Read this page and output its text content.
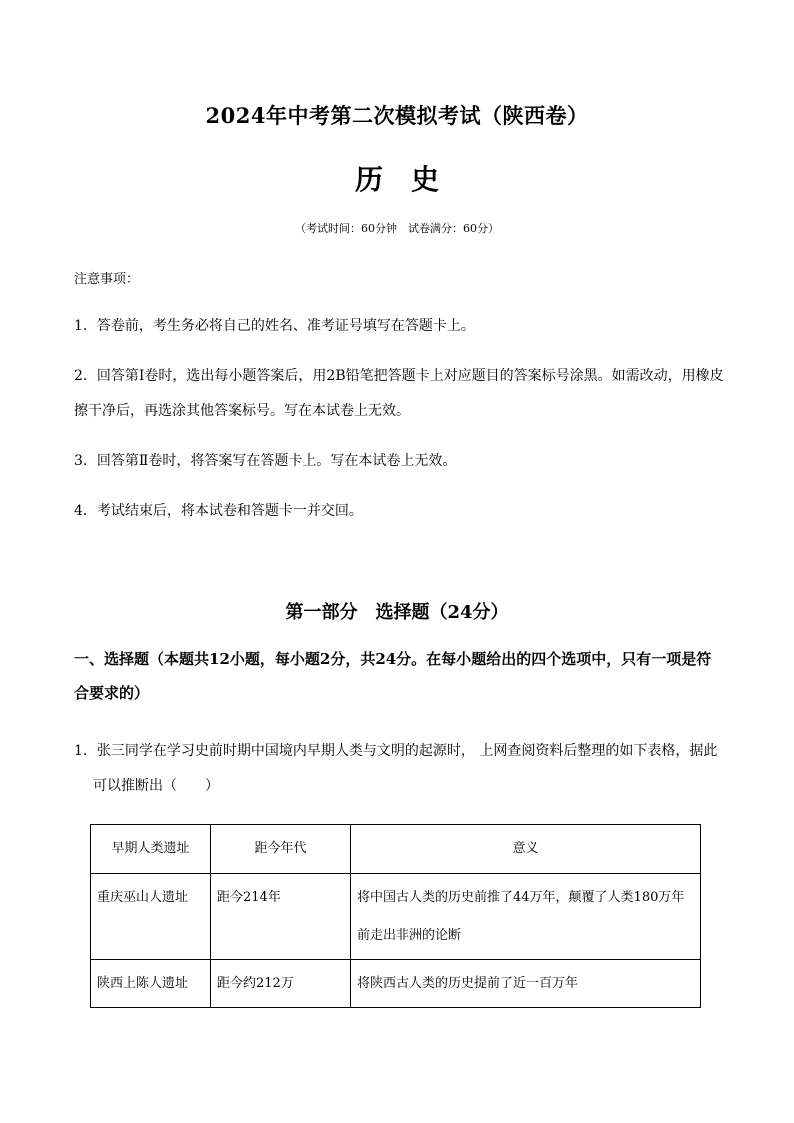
2024年中考第二次模拟考试（陕西卷）
历史
（考试时间：60分钟　试卷满分：60分）
注意事项：
1．答卷前，考生务必将自己的姓名、准考证号填写在答题卡上。
2．回答第Ⅰ卷时，选出每小题答案后，用2B铅笔把答题卡上对应题目的答案标号涂黑。如需改动，用橡皮擦干净后，再选涂其他答案标号。写在本试卷上无效。
3．回答第Ⅱ卷时，将答案写在答题卡上。写在本试卷上无效。
4．考试结束后，将本试卷和答题卡一并交回。
第一部分　选择题（24分）
一、选择题（本题共12小题，每小题2分，共24分。在每小题给出的四个选项中，只有一项是符合要求的）
1．张三同学在学习史前时期中国境内早期人类与文明的起源时， 上网查阅资料后整理的如下表格，据此
可以推断出（　　）
早期人类遗址	距今年代	意义
重庆巫山人遗址	距今214年	将中国古人类的历史前推了44万年，颠覆了人类180万年前走出非洲的论断
陕西上陈人遗址	距今约212万	将陕西古人类的历史提前了近一百万年
